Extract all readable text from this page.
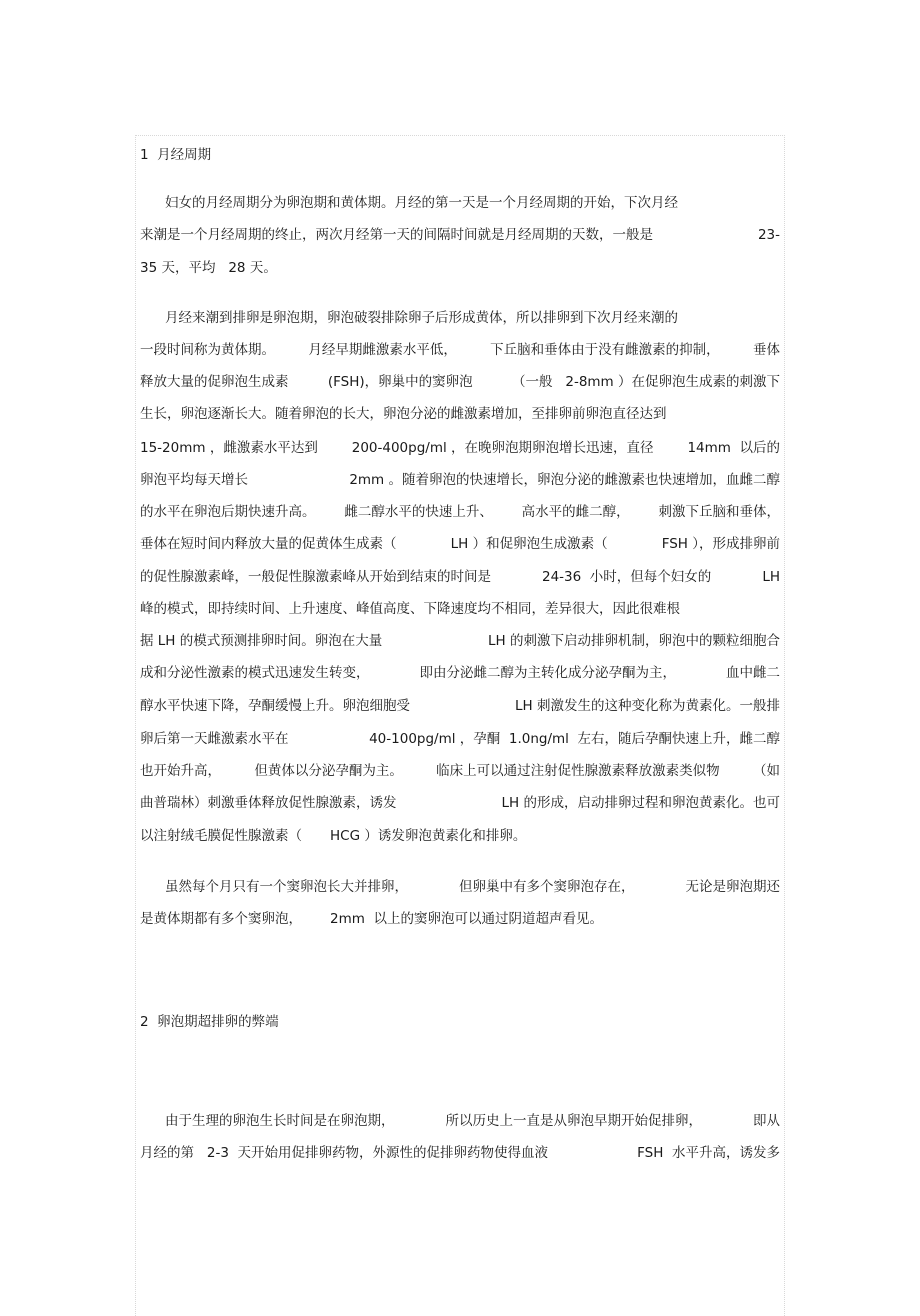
1  月经周期
妇女的月经周期分为卵泡期和黄体期。月经的第一天是一个月经周期的开始，下次月经
来潮是一个月经周期的终止，两次月经第一天的间隔时间就是月经周期的天数，一般是	23-
35 天，平均   28 天。
月经来潮到排卵是卵泡期，卵泡破裂排除卵子后形成黄体，所以排卵到下次月经来潮的
一段时间称为黄体期。 月经早期雌激素水平低， 下丘脑和垂体由于没有雌激素的抑制， 垂体
释放大量的促卵泡生成素	(FSH)，卵巢中的窦卵泡	（一般   2-8mm ）在促卵泡生成素的刺激下
生长，卵泡逐渐长大。随着卵泡的长大，卵泡分泌的雌激素增加，至排卵前卵泡直径达到
15-20mm ，雌激素水平达到	200-400pg/ml ，在晚卵泡期卵泡增长迅速，直径	14mm  以后的
卵泡平均每天增长	2mm 。随着卵泡的快速增长，卵泡分泌的雌激素也快速增加，血雌二醇
的水平在卵泡后期快速升高。 雌二醇水平的快速上升、 高水平的雌二醇， 刺激下丘脑和垂体，
垂体在短时间内释放大量的促黄体生成素（	LH ）和促卵泡生成激素（	FSH ），形成排卵前
的促性腺激素峰，一般促性腺激素峰从开始到结束的时间是	24-36  小时，但每个妇女的	LH
峰的模式，即持续时间、上升速度、峰值高度、下降速度均不相同，差异很大，因此很难根
据 LH 的模式预测排卵时间。卵泡在大量	LH 的刺激下启动排卵机制，卵泡中的颗粒细胞合
成和分泌性激素的模式迅速发生转变，	即由分泌雌二醇为主转化成分泌孕酮为主，	血中雌二
醇水平快速下降，孕酮缓慢上升。卵泡细胞受	LH 刺激发生的这种变化称为黄素化。一般排
卵后第一天雌激素水平在	40-100pg/ml ，孕酮  1.0ng/ml  左右，随后孕酮快速上升，雌二醇
也开始升高， 但黄体以分泌孕酮为主。 临床上可以通过注射促性腺激素释放激素类似物 （如
曲普瑞林）刺激垂体释放促性腺激素，诱发	LH 的形成，启动排卵过程和卵泡黄素化。也可
以注射绒毛膜促性腺激素（ HCG ）诱发卵泡黄素化和排卵。
虽然每个月只有一个窦卵泡长大并排卵，	但卵巢中有多个窦卵泡存在，	无论是卵泡期还
是黄体期都有多个窦卵泡， 2mm  以上的窦卵泡可以通过阴道超声看见。
2  卵泡期超排卵的弊端
由于生理的卵泡生长时间是在卵泡期，	所以历史上一直是从卵泡早期开始促排卵，	即从
月经的第   2-3  天开始用促排卵药物，外源性的促排卵药物使得血液	FSH  水平升高，诱发多
